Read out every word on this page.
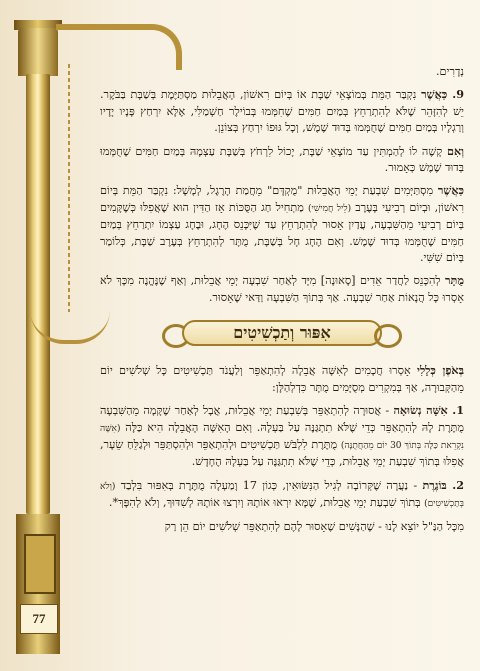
77

נְדָרִים.

9. כַּאֲשֶׁר נִקְבַּר הַמֵּת בְּמוֹצָאֵי שַׁבָּת אוֹ בְּיוֹם רִאשׁוֹן, הָאֲבֵלוּת מַסְתַּיֶּמֶת בְּשַׁבָּת בַּבֹּקֶר. יֵשׁ לְהִזָּהֵר שֶׁלֹּא לְהִתְרַחֵץ בְּמַיִם חַמִּים שֶׁחִמְּמוּ בְּבוֹילֶר חַשְׁמַלִּי, אֶלָּא יִרְחַץ פָּנָיו יָדָיו וְרַגְלָיו בְּמַיִם חַמִּים שֶׁחֻמְּמוּ בְּדוּד שֶׁמֶשׁ, וְכָל גּוּפוֹ יִרְחַץ בְּצוֹנֵן.

וְאִם קָשֶׁה לוֹ לְהַמְתִּין עַד מוֹצָאֵי שַׁבָּת, יָכוֹל לִרְחֹץ בְּשַׁבָּת עַצְמָהּ בְּמַיִם חַמִּים שֶׁחֻמְּמוּ בְּדוּד שֶׁמֶשׁ כְּאָמוּר.

כַּאֲשֶׁר מִסְתַּיְּמִים שִׁבְעַת יְמֵי הָאֲבֵלוּת "מֻקְדָּם" מֵחֲמַת הָרֶגֶל, לְמָשָׁל: נִקְבַּר הַמֵּת בְּיוֹם רִאשׁוֹן, וּבְיוֹם רְבִיעִי בָּעֶרֶב (לֵיל חֲמִישִׁי) מַתְחִיל חַג הַסֻּכּוֹת אָז הַדִּין הוּא שֶׁאֲפִלּוּ כְּשֶׁקָּמִים בְּיוֹם רְבִיעִי מֵהַשִּׁבְעָה, עֲדַיִן אָסוּר לְהִתְרַחֵץ עַד שֶׁיִּכָּנֵס הֶחָג, וּבֶחָג עַצְמוֹ יִתְרַחֵץ בְּמַיִם חַמִּים שֶׁחֻמְּמוּ בְּדוּד שֶׁמֶשׁ. וְאִם הֶחָג חָל בְּשַׁבָּת, מֻתָּר לְהִתְרַחֵץ בְּעֶרֶב שַׁבָּת, כְּלוֹמַר בְּיוֹם שִׁשִּׁי.

מֻתָּר לְהִכָּנֵס לַחֲדַר אֵדִים [סָאוּנָה] מִיָּד לְאַחַר שִׁבְעָה יְמֵי אֲבֵלוּת, וְאַף שֶׁנֶּהֱנֶה מִכָּךְ לֹא אָסְרוּ כָּל הֲנָאוֹת אַחַר שִׁבְעָה. אַךְ בְּתוֹךְ הַשִּׁבְעָה וַדַּאי שֶׁאָסוּר.

אִפּוּר וְתַכְשִׁיטִים

בְּאֹפֶן כְּלָלִי אָסְרוּ חֲכָמִים לְאִשָּׁה אֲבֵלָה לְהִתְאַפֵּר וְלַעֲנֹד תַּכְשִׁיטִים כָּל שְׁלֹשִׁים יוֹם מֵהַקְּבוּרָה, אַךְ בְּמִקְרִים מְסֻיָּמִים מֻתָּר כִּדְלְהַלָּן:

1. אִשָּׁה נְשׂוּאָה - אֲסוּרָה לְהִתְאַפֵּר בְּשִׁבְעַת יְמֵי אֲבֵלוּת, אֲבָל לְאַחַר שֶׁקָּמָה מֵהַשִּׁבְעָה מֻתֶּרֶת לָהּ לְהִתְאַפֵּר כְּדֵי שֶׁלֹּא תִתְגַּנֶּה עַל בַּעְלָהּ. וְאִם הָאִשָּׁה הָאֲבֵלָה הִיא כַּלָּה (אִשָּׁה נִקְרֵאת כַּלָּה בְּתוֹךְ 30 יוֹם מֵהַחֲתֻנָּה) מֻתֶּרֶת לִלְבֹּשׁ תַּכְשִׁיטִים וּלְהִתְאַפֵּר וּלְהִסְתַּפֵּר וּלְגַלֵּחַ שֵׂעָר, אֲפִלּוּ בְּתוֹךְ שִׁבְעַת יְמֵי אֲבֵלוּת, כְּדֵי שֶׁלֹּא תִתְגַּנֶּה עַל בַּעְלָהּ הֶחָדָשׁ.

2. בּוֹגֶרֶת - נַעֲרָה שֶׁקְּרוֹבָה לְגִיל הַנִּשּׂוּאִין, כְּגוֹן 17 וָמַעְלָה מֻתֶּרֶת בְּאִפּוּר בִּלְבַד (וְלֹא בְּתַכְשִׁיטִים) בְּתוֹךְ שִׁבְעַת יְמֵי אֲבֵלוּת, שֶׁמָּא יִרְאוּ אוֹתָהּ וְיִרְצוּ אוֹתָהּ לְשִׁדּוּךְ, וְלֹא לְהִפָּךְ*.

מִכָּל הַנַּ"ל יוֹצֵא לָנוּ - שֶׁהַנָּשִׁים שֶׁאָסוּר לָהֶם לְהִתְאַפֵּר שְׁלֹשִׁים יוֹם הֵן רַק
